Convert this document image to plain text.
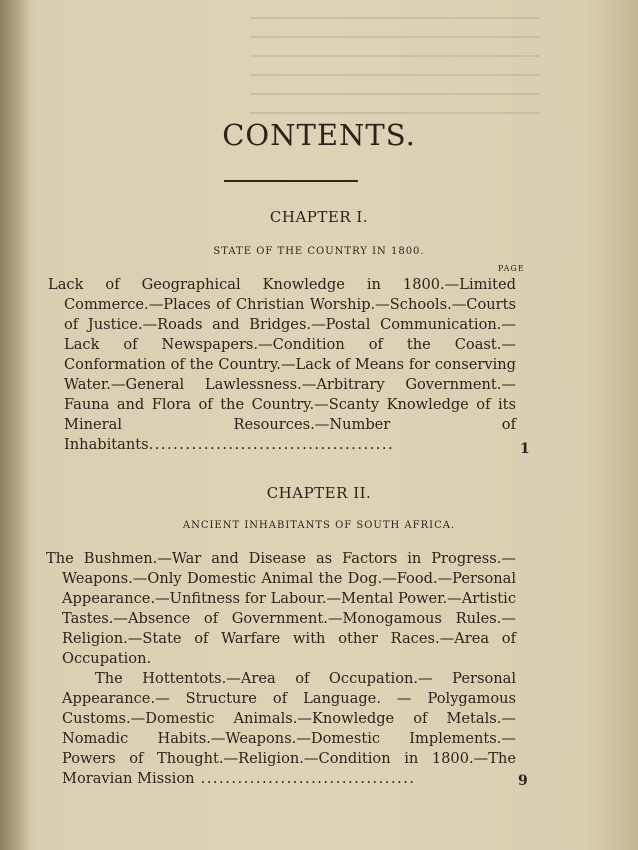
CONTENTS.
CHAPTER I.
STATE OF THE COUNTRY IN 1800.
PAGE

Lack of Geographical Knowledge in 1800.—Limited Commerce.—Places of Christian Worship.—Schools.—Courts of Justice.—Roads and Bridges.—Postal Communication.—Lack of Newspapers.—Condition of the Coast.—Conformation of the Country.—Lack of Means for conserving Water.—General Lawlessness.—Arbitrary Government.—Fauna and Flora of the Country.—Scanty Knowledge of its Mineral Resources.—Number of Inhabitants........................................	1
CHAPTER II.
ANCIENT INHABITANTS OF SOUTH AFRICA.

The Bushmen.—War and Disease as Factors in Progress.—Weapons.—Only Domestic Animal the Dog.—Food.—Personal Appearance.—Unfitness for Labour.—Mental Power.—Artistic Tastes.—Absence of Government.—Monogamous Rules.—Religion.—State of Warfare with other Races.—Area of Occupation.

The Hottentots.—Area of Occupation.— Personal Appearance.— Structure of Language. — Polygamous Customs.—Domestic Animals.—Knowledge of Metals.—Nomadic Habits.—Weapons.—Domestic Implements.—Powers of Thought.—Religion.—Condition in 1800.—The Moravian Mission ...................................	9
